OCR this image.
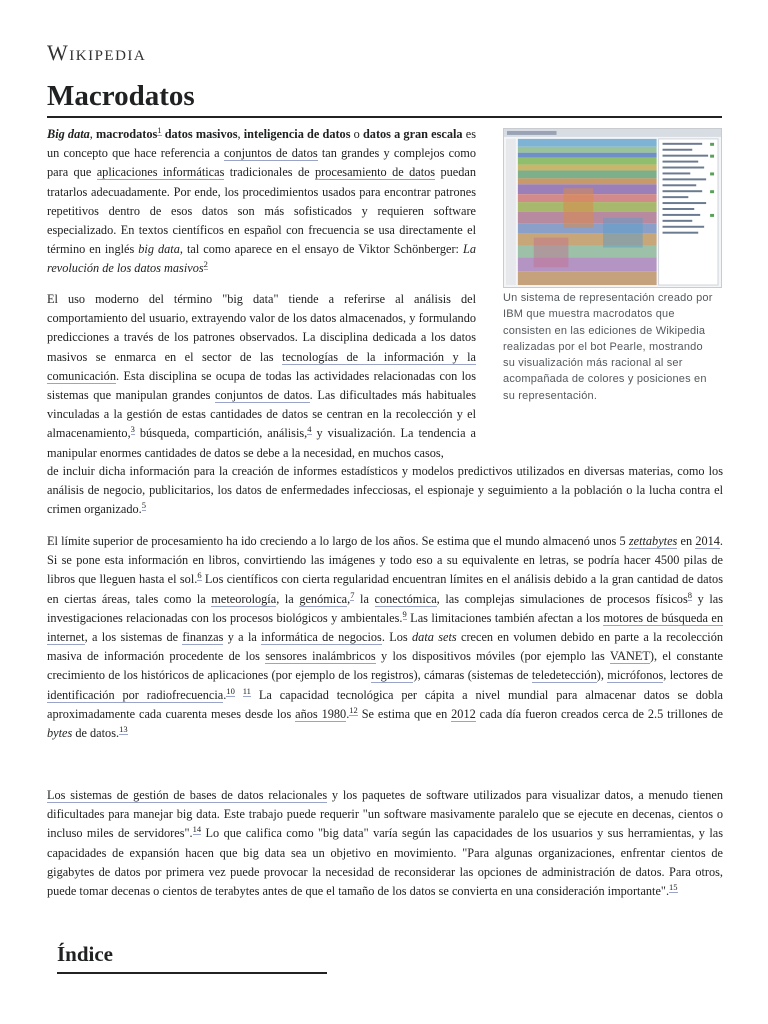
Wikipedia
Macrodatos

Big data, macrodatos$^1$ datos masivos, inteligencia de datos o datos a gran escala es un concepto que hace referencia a conjuntos de datos tan grandes y complejos como para que aplicaciones informáticas tradicionales de procesamiento de datos puedan tratarlos adecuadamente. Por ende, los procedimientos usados para encontrar patrones repetitivos dentro de esos datos son más sofisticados y requieren software especializado. En textos científicos en español con frecuencia se usa directamente el término en inglés big data, tal como aparece en el ensayo de Viktor Schönberger: La revolución de los datos masivos$^2$

Un sistema de representación creado por IBM que muestra macrodatos que consisten en las ediciones de Wikipedia realizadas por el bot Pearle, mostrando su visualización más racional al ser acompañada de colores y posiciones en su representación.

El uso moderno del término "big data" tiende a referirse al análisis del comportamiento del usuario, extrayendo valor de los datos almacenados, y formulando predicciones a través de los patrones observados. La disciplina dedicada a los datos masivos se enmarca en el sector de las tecnologías de la información y la comunicación. Esta disciplina se ocupa de todas las actividades relacionadas con los sistemas que manipulan grandes conjuntos de datos. Las dificultades más habituales vinculadas a la gestión de estas cantidades de datos se centran en la recolección y el almacenamiento,$^3$ búsqueda, compartición, análisis,$^4$ y visualización. La tendencia a manipular enormes cantidades de datos se debe a la necesidad, en muchos casos,

de incluir dicha información para la creación de informes estadísticos y modelos predictivos utilizados en diversas materias, como los análisis de negocio, publicitarios, los datos de enfermedades infecciosas, el espionaje y seguimiento a la población o la lucha contra el crimen organizado.$^5$

El límite superior de procesamiento ha ido creciendo a lo largo de los años. Se estima que el mundo almacenó unos 5 zettabytes en 2014. Si se pone esta información en libros, convirtiendo las imágenes y todo eso a su equivalente en letras, se podría hacer 4500 pilas de libros que lleguen hasta el sol.$^6$ Los científicos con cierta regularidad encuentran límites en el análisis debido a la gran cantidad de datos en ciertas áreas, tales como la meteorología, la genómica,$^7$ la conectómica, las complejas simulaciones de procesos físicos$^8$ y las investigaciones relacionadas con los procesos biológicos y ambientales.$^9$ Las limitaciones también afectan a los motores de búsqueda en internet, a los sistemas de finanzas y a la informática de negocios. Los data sets crecen en volumen debido en parte a la recolección masiva de información procedente de los sensores inalámbricos y los dispositivos móviles (por ejemplo las VANET), el constante crecimiento de los históricos de aplicaciones (por ejemplo de los registros), cámaras (sistemas de teledetección), micrófonos, lectores de identificación por radiofrecuencia.$^{10}$ $^{11}$ La capacidad tecnológica per cápita a nivel mundial para almacenar datos se dobla aproximadamente cada cuarenta meses desde los años 1980.12 Se estima que en 2012 cada día fueron creados cerca de 2.5 trillones de bytes de datos.$^{13}$

Los sistemas de gestión de bases de datos relacionales y los paquetes de software utilizados para visualizar datos, a menudo tienen dificultades para manejar big data. Este trabajo puede requerir "un software masivamente paralelo que se ejecute en decenas, cientos o incluso miles de servidores".$^{14}$ Lo que califica como "big data" varía según las capacidades de los usuarios y sus herramientas, y las capacidades de expansión hacen que big data sea un objetivo en movimiento. "Para algunas organizaciones, enfrentar cientos de gigabytes de datos por primera vez puede provocar la necesidad de reconsiderar las opciones de administración de datos. Para otros, puede tomar decenas o cientos de terabytes antes de que el tamaño de los datos se convierta en una consideración importante".$^{15}$

Índice
